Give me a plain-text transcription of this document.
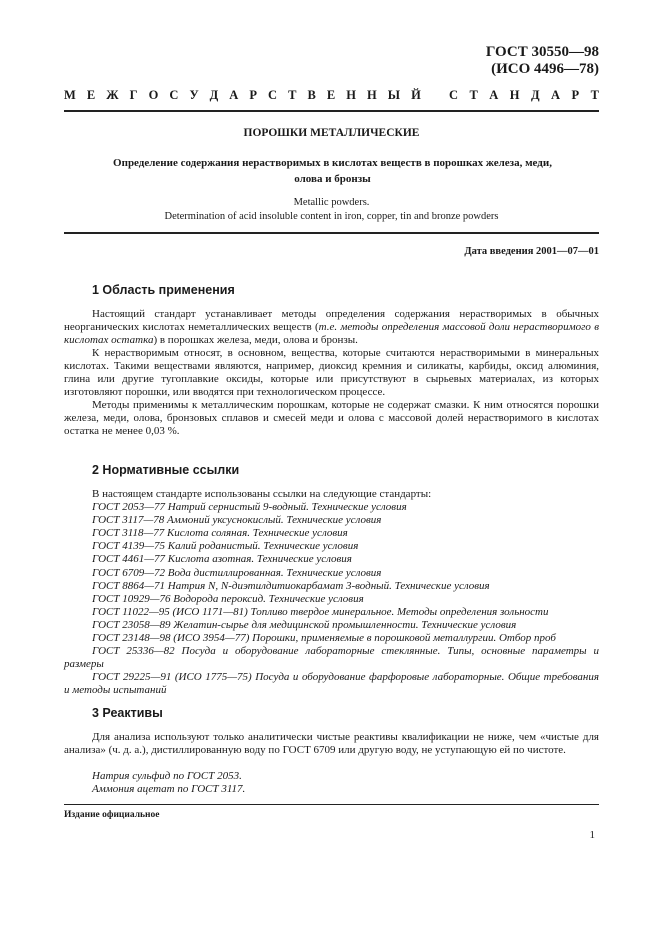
ГОСТ 30550—98
(ИСО 4496—78)
М Е Ж Г О С У Д А Р С Т В Е Н Н Ы Й С Т А Н Д А Р Т
ПОРОШКИ МЕТАЛЛИЧЕСКИЕ
Определение содержания нерастворимых в кислотах веществ в порошках железа, меди, олова и бронзы
Metallic powders.
Determination of acid insoluble content in iron, copper, tin and bronze powders
Дата введения 2001—07—01
1 Область применения
Настоящий стандарт устанавливает методы определения содержания нерастворимых в обычных неорганических кислотах неметаллических веществ (т.е. методы определения массовой доли нерастворимого в кислотах остатка) в порошках железа, меди, олова и бронзы.
К нерастворимым относят, в основном, вещества, которые считаются нерастворимыми в минеральных кислотах. Такими веществами являются, например, диоксид кремния и силикаты, карбиды, оксид алюминия, глина или другие тугоплавкие оксиды, которые или присутствуют в сырьевых материалах, из которых изготовляют порошки, или вводятся при технологическом процессе.
Методы применимы к металлическим порошкам, которые не содержат смазки. К ним относятся порошки железа, меди, олова, бронзовых сплавов и смесей меди и олова с массовой долей нерастворимого в кислотах остатка не менее 0,03 %.
2 Нормативные ссылки
В настоящем стандарте использованы ссылки на следующие стандарты:
ГОСТ 2053—77 Натрий сернистый 9-водный. Технические условия
ГОСТ 3117—78 Аммоний уксуснокислый. Технические условия
ГОСТ 3118—77 Кислота соляная. Технические условия
ГОСТ 4139—75 Калий роданистый. Технические условия
ГОСТ 4461—77 Кислота азотная. Технические условия
ГОСТ 6709—72 Вода дистиллированная. Технические условия
ГОСТ 8864—71 Натрия N, N-диэтилдитиокарбамат 3-водный. Технические условия
ГОСТ 10929—76 Водорода пероксид. Технические условия
ГОСТ 11022—95 (ИСО 1171—81) Топливо твердое минеральное. Методы определения зольности
ГОСТ 23058—89 Желатин-сырье для медицинской промышленности. Технические условия
ГОСТ 23148—98 (ИСО 3954—77) Порошки, применяемые в порошковой металлургии. Отбор проб
ГОСТ 25336—82 Посуда и оборудование лабораторные стеклянные. Типы, основные параметры и размеры
ГОСТ 29225—91 (ИСО 1775—75) Посуда и оборудование фарфоровые лабораторные. Общие требования и методы испытаний
3 Реактивы
Для анализа используют только аналитически чистые реактивы квалификации не ниже, чем «чистые для анализа» (ч. д. а.), дистиллированную воду по ГОСТ 6709 или другую воду, не уступающую ей по чистоте.
Натрия сульфид по ГОСТ 2053.
Аммония ацетат по ГОСТ 3117.
Издание официальное
1
